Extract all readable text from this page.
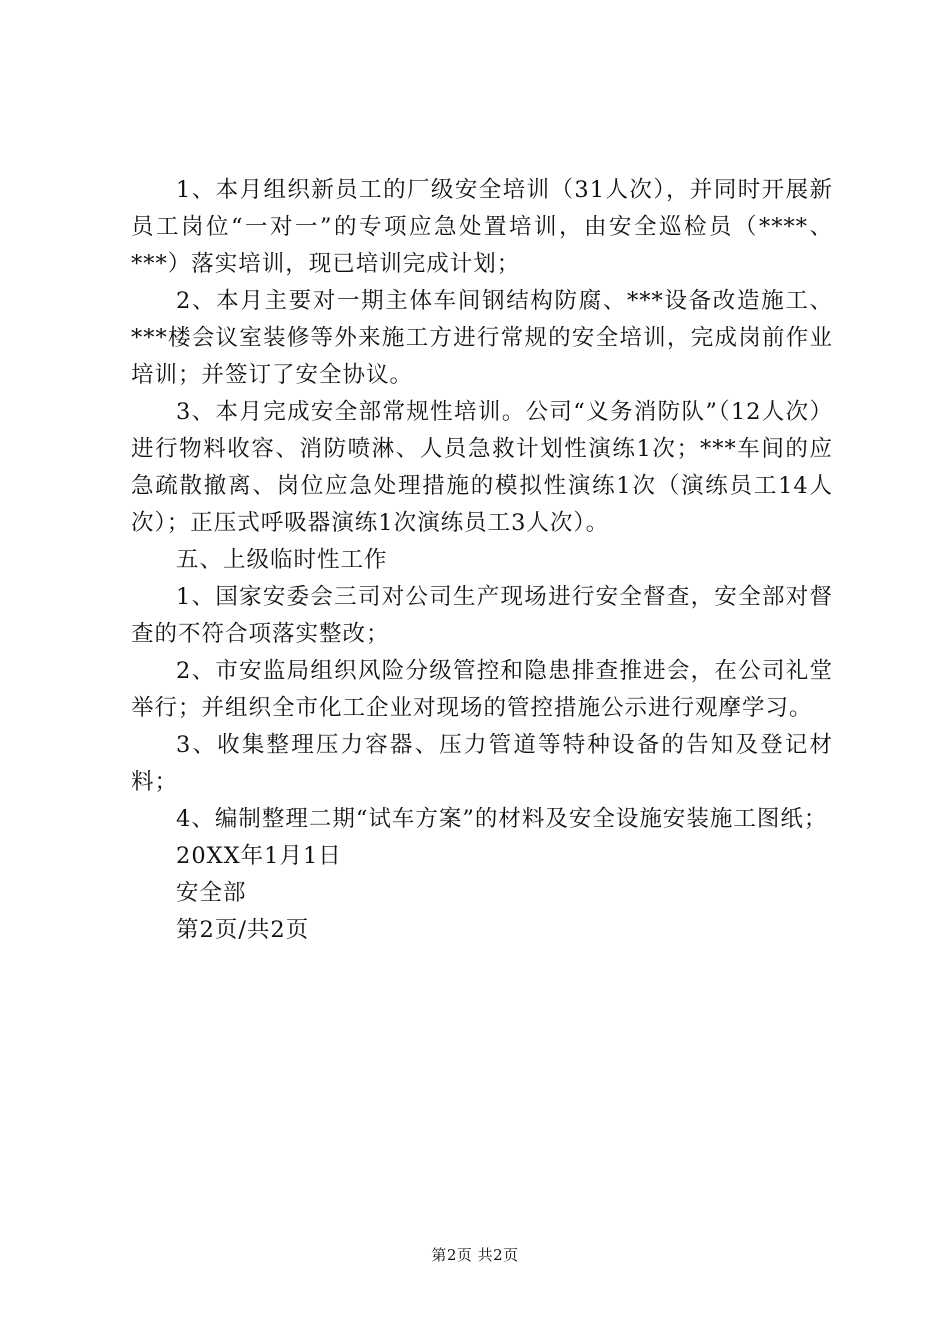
1、本月组织新员工的厂级安全培训（31人次），并同时开展新员工岗位“一对一”的专项应急处置培训，由安全巡检员（****、***）落实培训，现已培训完成计划；

2、本月主要对一期主体车间钢结构防腐、***设备改造施工、***楼会议室装修等外来施工方进行常规的安全培训，完成岗前作业培训；并签订了安全协议。

3、本月完成安全部常规性培训。公司“义务消防队”（12人次）进行物料收容、消防喷淋、人员急救计划性演练1次；***车间的应急疏散撤离、岗位应急处理措施的模拟性演练1次（演练员工14人次）；正压式呼吸器演练1次演练员工3人次）。

五、上级临时性工作

1、国家安委会三司对公司生产现场进行安全督查，安全部对督查的不符合项落实整改；

2、市安监局组织风险分级管控和隐患排查推进会，在公司礼堂举行；并组织全市化工企业对现场的管控措施公示进行观摩学习。

3、收集整理压力容器、压力管道等特种设备的告知及登记材料；

4、编制整理二期“试车方案”的材料及安全设施安装施工图纸；

20XX年1月1日

安全部

第2页/共2页

第2页 共2页
